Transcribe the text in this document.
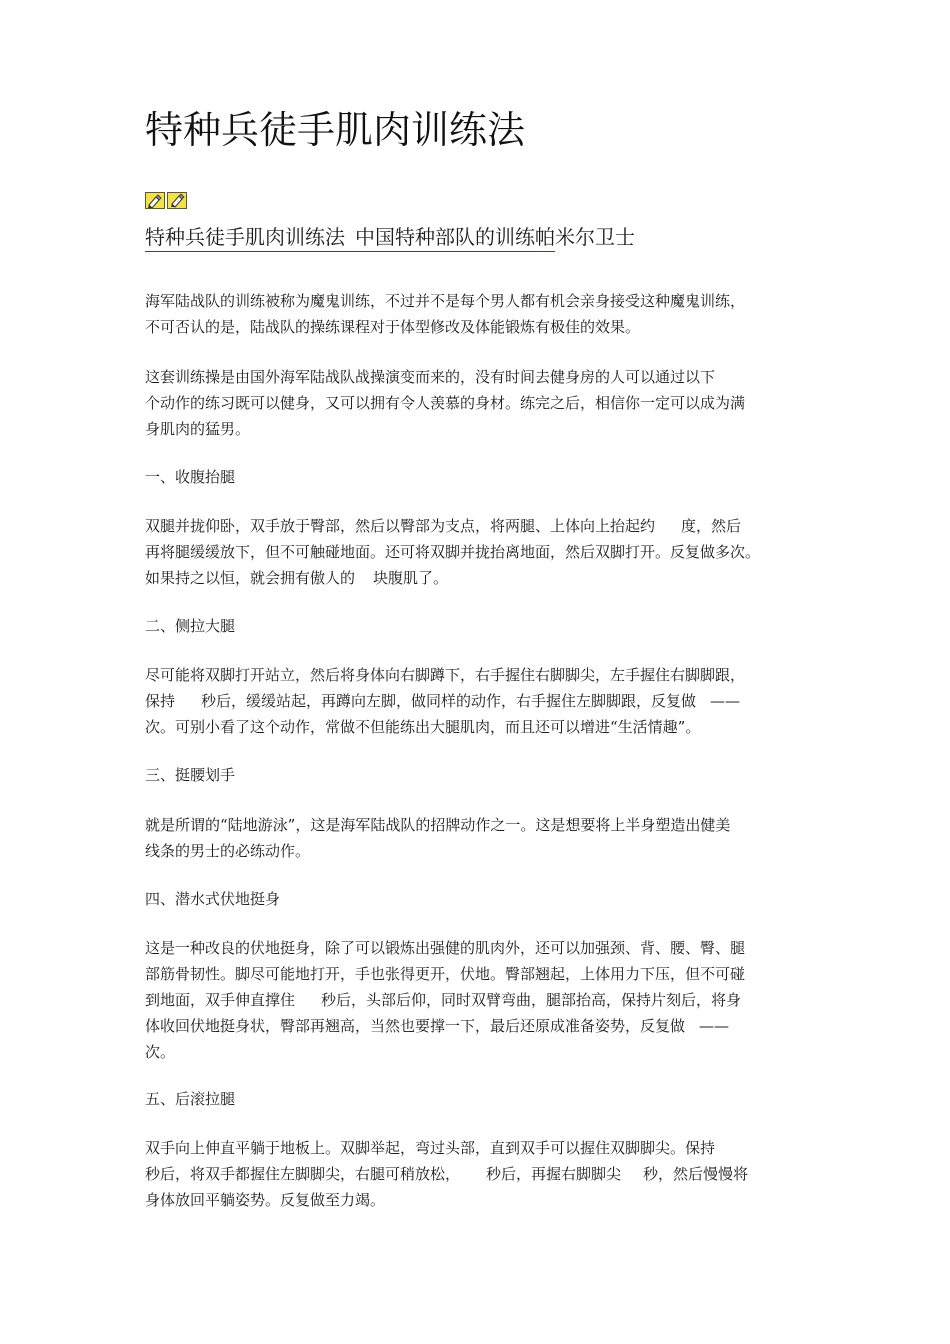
特种兵徒手肌肉训练法
特种兵徒手肌肉训练法 中国特种部队的训练帕米尔卫士
海军陆战队的训练被称为魔鬼训练，不过并不是每个男人都有机会亲身接受这种魔鬼训练，
不可否认的是，陆战队的操练课程对于体型修改及体能锻炼有极佳的效果。
这套训练操是由国外海军陆战队战操演变而来的，没有时间去健身房的人可以通过以下
个动作的练习既可以健身，又可以拥有令人羡慕的身材。练完之后，相信你一定可以成为满
身肌肉的猛男。
一、收腹抬腿
双腿并拢仰卧，双手放于臀部，然后以臀部为支点，将两腿、上体向上抬起约 度，然后
再将腿缓缓放下，但不可触碰地面。还可将双脚并拢抬离地面，然后双脚打开。反复做多次。
如果持之以恒，就会拥有傲人的 块腹肌了。
二、侧拉大腿
尽可能将双脚打开站立，然后将身体向右脚蹲下，右手握住右脚脚尖，左手握住右脚脚跟，
保持 秒后，缓缓站起，再蹲向左脚，做同样的动作，右手握住左脚脚跟，反复做 ——
次。可别小看了这个动作，常做不但能练出大腿肌肉，而且还可以增进“生活情趣”。
三、挺腰划手
就是所谓的“陆地游泳”，这是海军陆战队的招牌动作之一。这是想要将上半身塑造出健美
线条的男士的必练动作。
四、潜水式伏地挺身
这是一种改良的伏地挺身，除了可以锻炼出强健的肌肉外，还可以加强颈、背、腰、臀、腿
部筋骨韧性。脚尽可能地打开，手也张得更开，伏地。臀部翘起，上体用力下压，但不可碰
到地面，双手伸直撑住 秒后，头部后仰，同时双臂弯曲，腿部抬高，保持片刻后，将身
体收回伏地挺身状，臀部再翘高，当然也要撑一下，最后还原成准备姿势，反复做 ——
次。
五、后滚拉腿
双手向上伸直平躺于地板上。双脚举起，弯过头部，直到双手可以握住双脚脚尖。保持
秒后，将双手都握住左脚脚尖，右腿可稍放松， 秒后，再握右脚脚尖 秒，然后慢慢将
身体放回平躺姿势。反复做至力竭。
